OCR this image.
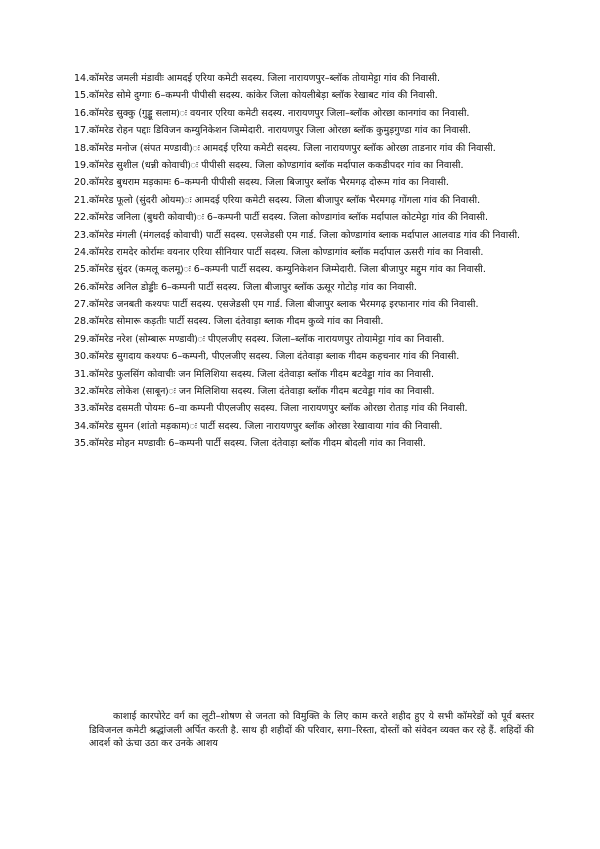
14. कॉमरेड जमली मंडावीः आमदई एरिया कमेटी सदस्य. जिला नारायणपुर–ब्लॉक तोयामेट्टा गांव की निवासी.
15. कॉमरेड सोमे दुग्गाः 6–कम्पनी पीपीसी सदस्य. कांकेर जिला कोयलीबेड़ा ब्लॉक रेखाबट गांव की निवासी.
16. कॉमरेड सुक्कु (गुड्डू सलाम)ः वयनार एरिया कमेटी सदस्य. नारायणपुर जिला–ब्लॉक ओरछा कानगांव का निवासी.
17. कॉमरेड रोहन पद्दाः डिविजन कम्युनिकेशन जिम्मेदारी. नारायणपुर जिला ओरछा ब्लॉक कुमुड़गुण्डा गांव का निवासी.
18. कॉमरेड मनोज (संपत मण्डावी)ः आमदई एरिया कमेटी सदस्य. जिला नारायणपुर ब्लॉक ओरछा ताडनार गांव की निवासी.
19. कॉमरेड सुशील (धन्नी कोवाची)ः पीपीसी सदस्य. जिला कोण्डागांव ब्लॉक मर्दापाल ककडीपदर गांव का निवासी.
20. कॉमरेड बुधराम मड़कामः 6–कम्पनी पीपीसी सदस्य. जिला बिजापुर ब्लॉक भैरमगढ़ दोरूम गांव का निवासी.
21. कॉमरेड फूलो (सुंदरी ओयम)ः आमदई एरिया कमेटी सदस्य. जिला बीजापुर ब्लॉक भैरमगढ़ गोंगला गांव की निवासी.
22. कॉमरेड जनिला (बुधरी कोवाची)ः 6–कम्पनी पार्टी सदस्य. जिला कोण्डागांव ब्लॉक मर्दापाल कोटमेट्टा गांव की निवासी.
23. कॉमरेड मंगली (मंगलदई कोवाची) पार्टी सदस्य. एसजेडसी एम गार्ड. जिला कोण्डागांव ब्लाक मर्दापाल आलवाड गांव की निवासी.
24. कॉमरेड रामदेर कोर्रामः वयनार एरिया सीनियार पार्टी सदस्य. जिला कोण्डागांव ब्लॉक मर्दापाल ऊसरी गांव का निवासी.
25. कॉमरेड सुंदर (कमलू कलमू)ः 6–कम्पनी पार्टी सदस्य. कम्युनिकेशन जिम्मेदारी. जिला बीजापुर मद्दुम गांव का निवासी.
26. कॉमरेड अनिल डोड्डीः 6–कम्पनी पार्टी सदस्य. जिला बीजापुर ब्लॉक ऊसूर गोटोड़ गांव का निवासी.
27. कॉमरेड जनबती कश्यपः पार्टी सदस्य. एसजेडसी एम गार्ड. जिला बीजापुर ब्लाक भैरमगढ़ इरफानार गांव की निवासी.
28. कॉमरेड सोमारू कड़तीः पार्टी सदस्य. जिला दंतेवाड़ा ब्लाक गीदम कुव्वे गांव का निवासी.
29. कॉमरेड नरेश (सोम्बारू मण्डावी)ः पीएलजीए सदस्य. जिला–ब्लॉक नारायणपुर तोयामेट्टा गांव का निवासी.
30. कॉमरेड सुगदाय कश्यपः 6–कम्पनी, पीएलजीए सदस्य. जिला दंतेवाड़ा ब्लाक गीदम कहचनार गांव की निवासी.
31. कॉमरेड फुलसिंग कोवाचीः जन मिलिशिया सदस्य. जिला दंतेवाड़ा ब्लॉक गीदम बटवेड्डा गांव का निवासी.
32. कॉमरेड लोकेश (साबून)ः जन मिलिशिया सदस्य. जिला दंतेवाड़ा ब्लॉक गीदम बटवेड्डा गांव का निवासी.
33. कॉमरेड दसमती पोयमः 6–वा कम्पनी पीएलजीए सदस्य. जिला नारायणपुर ब्लॉक ओरछा रोताड़ गांव की निवासी.
34. कॉमरेड सुमन (शांतो मड़काम)ः पार्टी सदस्य. जिला नारायणपुर ब्लॉक ओरछा रेखावाया गांव की निवासी.
35. कॉमरेड मोहन मण्डावीः 6–कम्पनी पार्टी सदस्य. जिला दंतेवाड़ा ब्लॉक गीदम बोदली गांव का निवासी.

काशाई कारपोरेट वर्ग का लूटी–शोषण से जनता को विमुक्ति के लिए काम करते शहीद हुए ये सभी कॉमरेडों को पूर्व बस्तर डिविजनल कमेटी श्रद्धांजली अर्पित करती है. साथ ही शहीदों की परिवार, सगा–रिस्ता, दोस्तों को संवेदन व्यक्त कर रहे हैं. शहिदों की आदर्श को ऊंचा उठा कर उनके आशय
